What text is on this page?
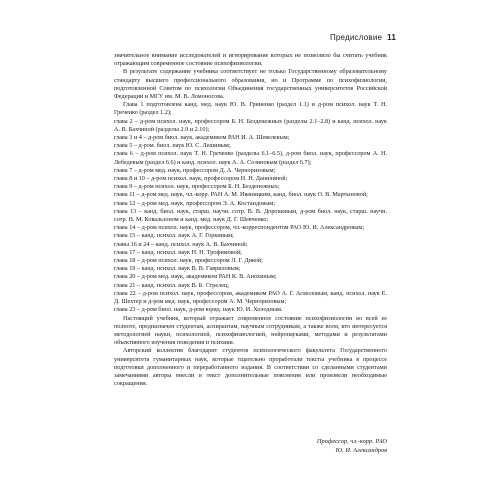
Предисловие 11

значительное внимание исследователей и игнорирование которых не позволило бы считать учебник отражающим современное состояние психофизиологии.

В результате содержание учебника соответствует не только Государственному образовательному стандарту высшего профессионального образования, но и Программе по психофизиологии, подготовленной Советом по психологии Объединения государственных университетов Российской Федерации и МГУ им. М. В. Ломоносова.

Глава 1 подготовлена канд. мед. наук Ю. В. Гриненко (раздел 1.1) и д-ром психол. наук Т. Н. Греченко (раздел 1.2);

глава 2 – д-ром психол. наук, профессором Б. Н. Безденежных (разделы 2.1–2.8) и канд. психол. наук А. В. Бахчиной (разделы 2.9 и 2.10);

глава 3 и 4 – д-ром биол. наук, академиком РАН И. А. Шевелевым;

глава 5 – д-ром. биол. наук Ю. С. Лешиным;

глава 6 – д-ром психол. наук Т. Н. Греченко (разделы 6.1–6.5), д-ром биол. наук, профессором А. Н. Лебедевым (раздел 6.6) и канд. психол. наук А. А. Созиновым (раздел 6.7);

глава 7 – д-ром мед. наук, профессором Д. А. Черноризовым;

глава 8 и 10 – д-ром психол. наук, профессором Н. Н. Данилиной;

глава 9 – д-ром психол. наук, профессором Б. Н. Безденежных;

глава 11 – д-ром мед. наук, чл.-корр. РАН А. М. Иваницким, канд. биол. наук О. В. Мартыновой;

глава 12 – д-ром мед. наук, профессором Э. А. Костандовым;

глава 13 – канд. биол. наук, старш. научн. сотр. В. В. Дорошевым, д-ром биол. наук, старш. научн. сотр. В. М. Ковальзоном и канд. мед. наук Д. Г. Шевченко;

глава 14 – д-ром психол. наук, профессором, чл.-корреспондентом РАО Ю. И. Александровым;

глава 15 – канд. психол. наук А. Г. Горкиным;

главы 16 и 24 – канд. психол. наук А. В. Бахчиной;

глава 17 – канд. психол. наук Н. Н. Трофимовой;

глава 18 – д-ром психол. наук, профессором Л. Г. Дикой;

глава 19 – канд. психол. наук В. В. Гавриловым;

глава 20 – д-ром мед. наук, академиком РАН К. В. Анохиным;

глава 21 – канд. психол. наук В. Б. Стрелец;

глава 22 – д-ром психол. наук, профессором, академиком РАО А. Г. Асмоловым, канд. психол. наук Е. Д. Шехтер и д-ром мед. наук, профессором А. М. Черноризовым;

глава 23 – д-ром биол. наук, д-ром юрид. наук Ю. И. Холодным.

Настоящий учебник, который отражает современное состояние психофизиологии во всей ее полноте, предназначен студентам, аспирантам, научным сотрудникам, а также всем, кто интересуется методологией науки, психологией, психофизиологией, нейронауками, методами и результатами объективного изучения поведения и психики.

Авторский коллектив благодарит студентов психологического факультета Государственного университета гуманитарных наук, которые тщательно проработали тексты учебника в процессе подготовки дополненного и переработанного издания. В соответствии со сделанными студентами замечаниями авторы внесли в текст дополнительные пояснения или произвели необходимые сокращения.

Профессор, чл.-корр. РАО
Ю. И. Александров
